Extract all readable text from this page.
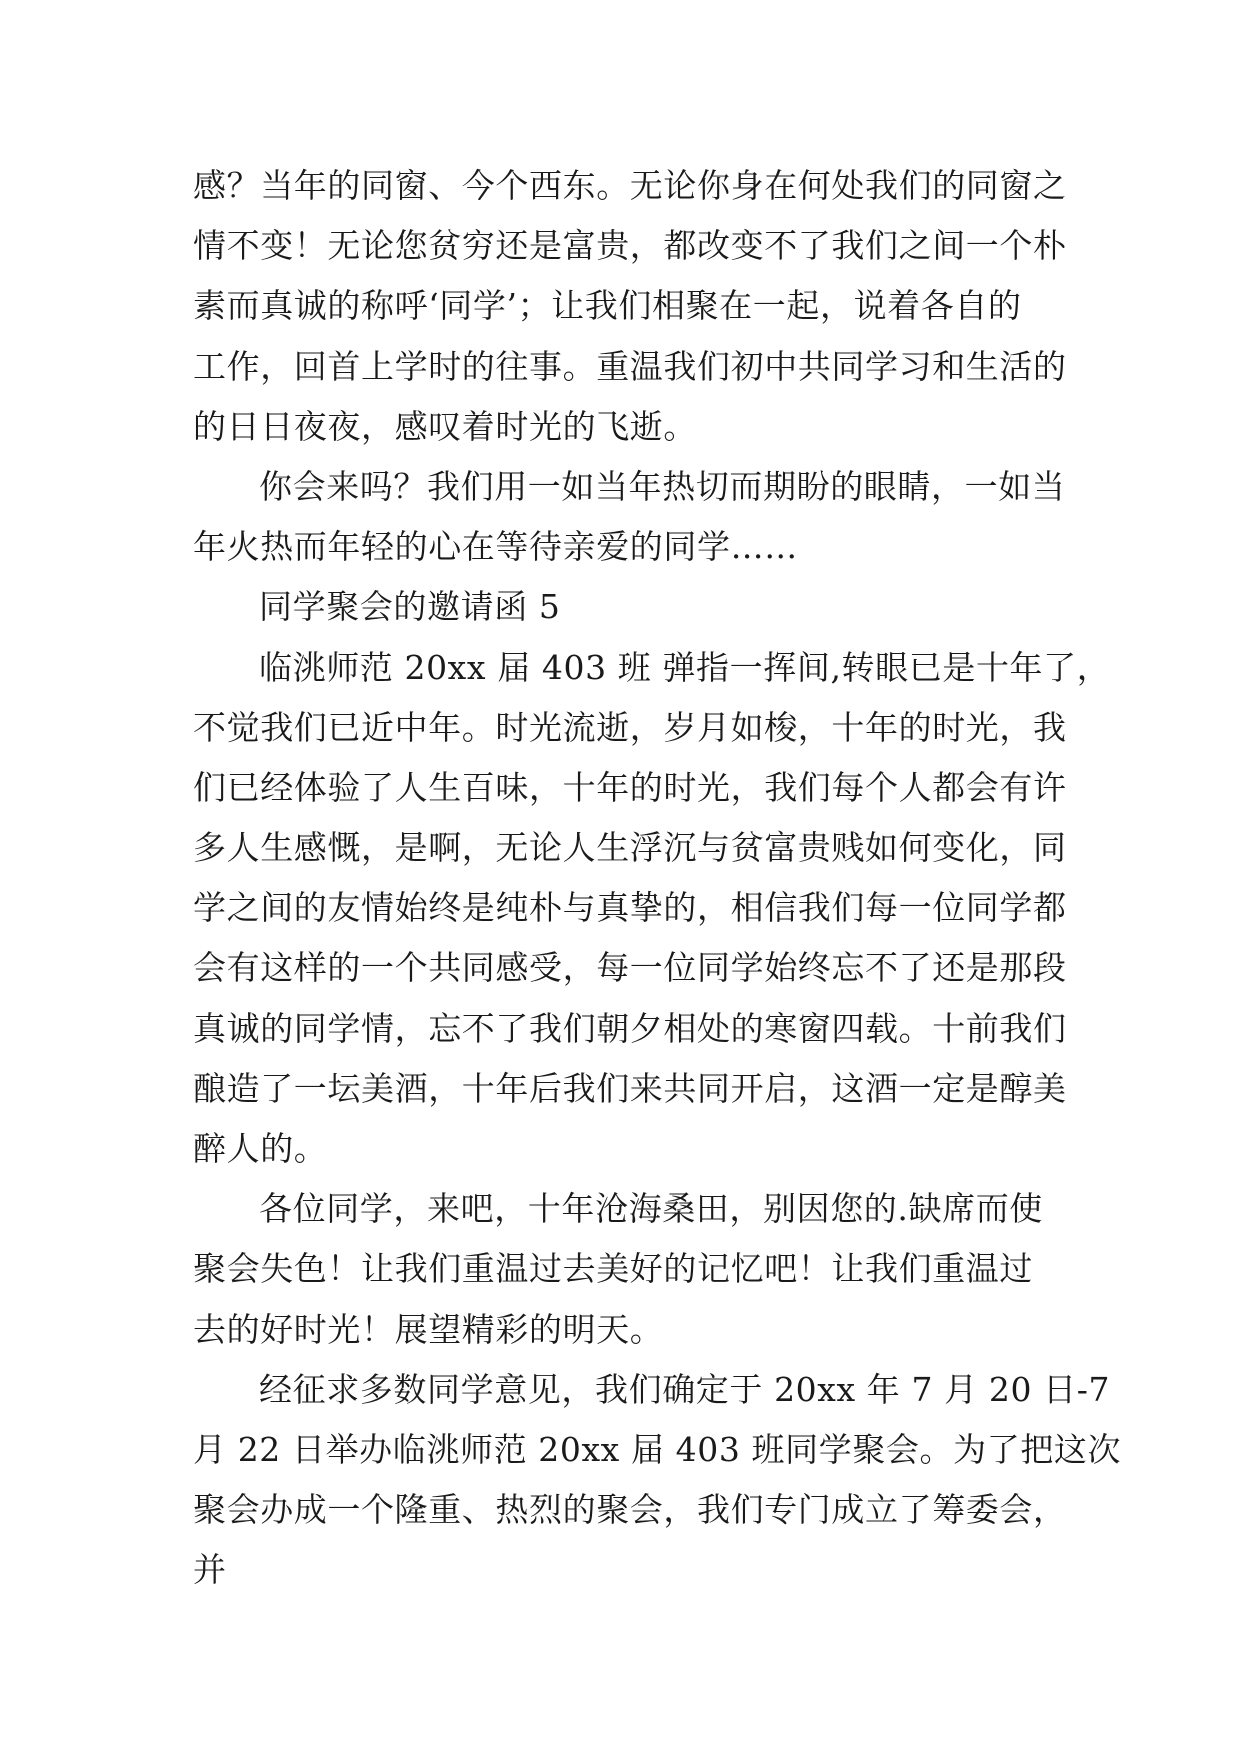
感？当年的同窗、今个西东。无论你身在何处我们的同窗之
情不变！无论您贫穷还是富贵，都改变不了我们之间一个朴
素而真诚的称呼‘同学’；让我们相聚在一起，说着各自的
工作，回首上学时的往事。重温我们初中共同学习和生活的
的日日夜夜，感叹着时光的飞逝。
你会来吗？我们用一如当年热切而期盼的眼睛，一如当
年火热而年轻的心在等待亲爱的同学……
同学聚会的邀请函 5
临洮师范 20xx 届 403 班 弹指一挥间,转眼已是十年了，
不觉我们已近中年。时光流逝，岁月如梭，十年的时光，我
们已经体验了人生百味，十年的时光，我们每个人都会有许
多人生感慨，是啊，无论人生浮沉与贫富贵贱如何变化，同
学之间的友情始终是纯朴与真挚的，相信我们每一位同学都
会有这样的一个共同感受，每一位同学始终忘不了还是那段
真诚的同学情，忘不了我们朝夕相处的寒窗四载。十前我们
酿造了一坛美酒，十年后我们来共同开启，这酒一定是醇美
醉人的。
各位同学，来吧，十年沧海桑田，别因您的.缺席而使
聚会失色！让我们重温过去美好的记忆吧！让我们重温过
去的好时光！展望精彩的明天。
经征求多数同学意见，我们确定于 20xx 年 7 月 20 日-7
月 22 日举办临洮师范 20xx 届 403 班同学聚会。为了把这次
聚会办成一个隆重、热烈的聚会，我们专门成立了筹委会，
并
